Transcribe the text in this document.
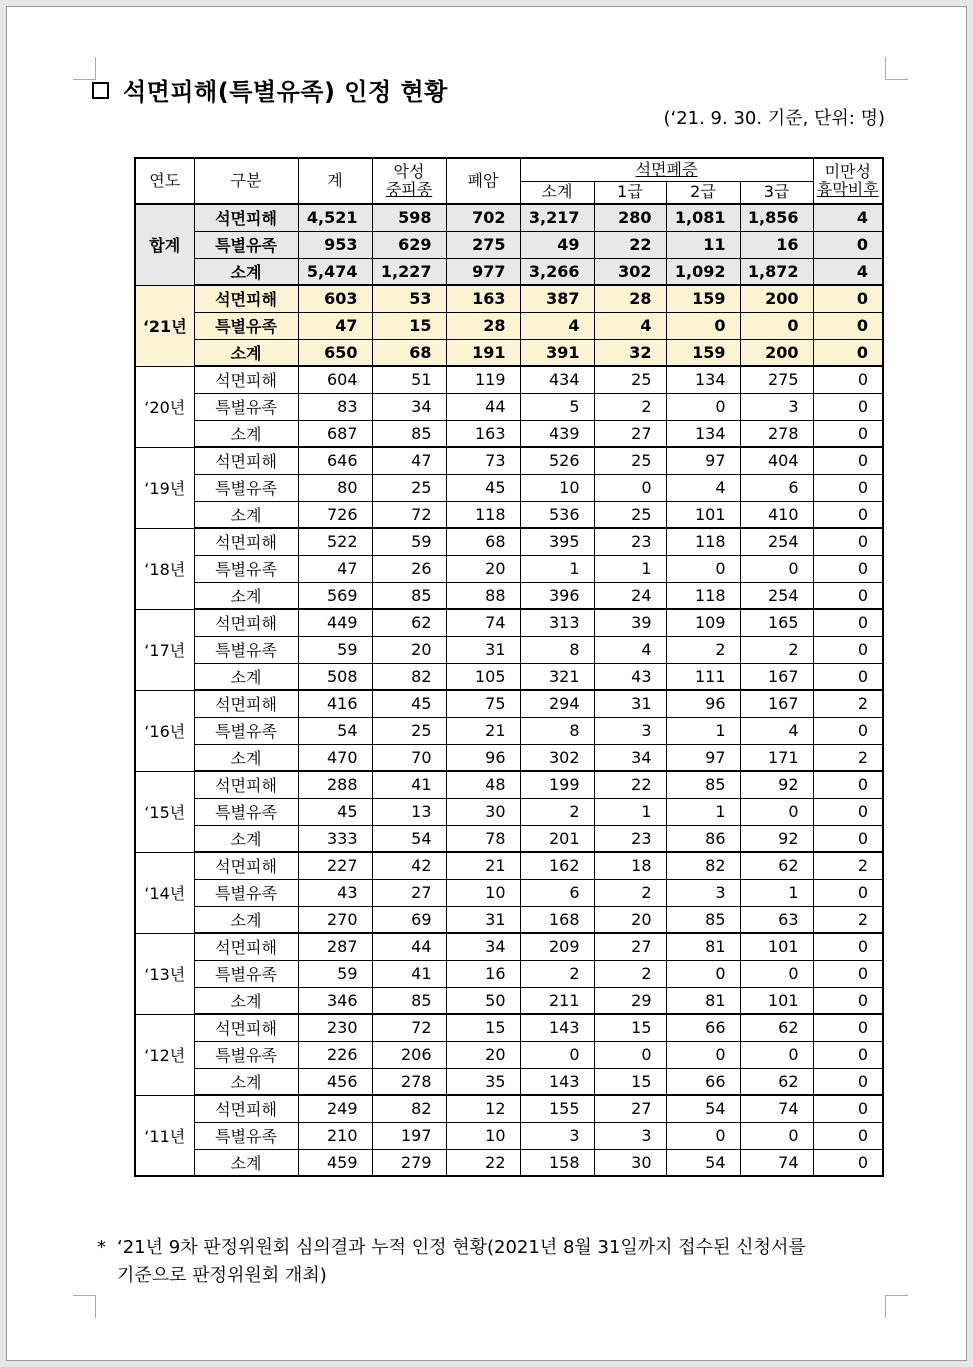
석면피해(특별유족) 인정 현황
(‘21. 9. 30. 기준, 단위: 명)
연도	구분	계	악성
중피종	폐암	석면폐증				미만성
흉막비후
					소계	1급	2급	3급	
합계	석면피해	4,521	598	702	3,217	280	1,081	1,856	4
	특별유족	953	629	275	49	22	11	16	0
	소계	5,474	1,227	977	3,266	302	1,092	1,872	4
‘21년	석면피해	603	53	163	387	28	159	200	0
	특별유족	47	15	28	4	4	0	0	0
	소계	650	68	191	391	32	159	200	0
‘20년	석면피해	604	51	119	434	25	134	275	0
	특별유족	83	34	44	5	2	0	3	0
	소계	687	85	163	439	27	134	278	0
‘19년	석면피해	646	47	73	526	25	97	404	0
	특별유족	80	25	45	10	0	4	6	0
	소계	726	72	118	536	25	101	410	0
‘18년	석면피해	522	59	68	395	23	118	254	0
	특별유족	47	26	20	1	1	0	0	0
	소계	569	85	88	396	24	118	254	0
‘17년	석면피해	449	62	74	313	39	109	165	0
	특별유족	59	20	31	8	4	2	2	0
	소계	508	82	105	321	43	111	167	0
‘16년	석면피해	416	45	75	294	31	96	167	2
	특별유족	54	25	21	8	3	1	4	0
	소계	470	70	96	302	34	97	171	2
‘15년	석면피해	288	41	48	199	22	85	92	0
	특별유족	45	13	30	2	1	1	0	0
	소계	333	54	78	201	23	86	92	0
‘14년	석면피해	227	42	21	162	18	82	62	2
	특별유족	43	27	10	6	2	3	1	0
	소계	270	69	31	168	20	85	63	2
‘13년	석면피해	287	44	34	209	27	81	101	0
	특별유족	59	41	16	2	2	0	0	0
	소계	346	85	50	211	29	81	101	0
‘12년	석면피해	230	72	15	143	15	66	62	0
	특별유족	226	206	20	0	0	0	0	0
	소계	456	278	35	143	15	66	62	0
‘11년	석면피해	249	82	12	155	27	54	74	0
	특별유족	210	197	10	3	3	0	0	0
	소계	459	279	22	158	30	54	74	0
* ‘21년 9차 판정위원회 심의결과 누적 인정 현황(2021년 8월 31일까지 접수된 신청서를
기준으로 판정위원회 개최)
